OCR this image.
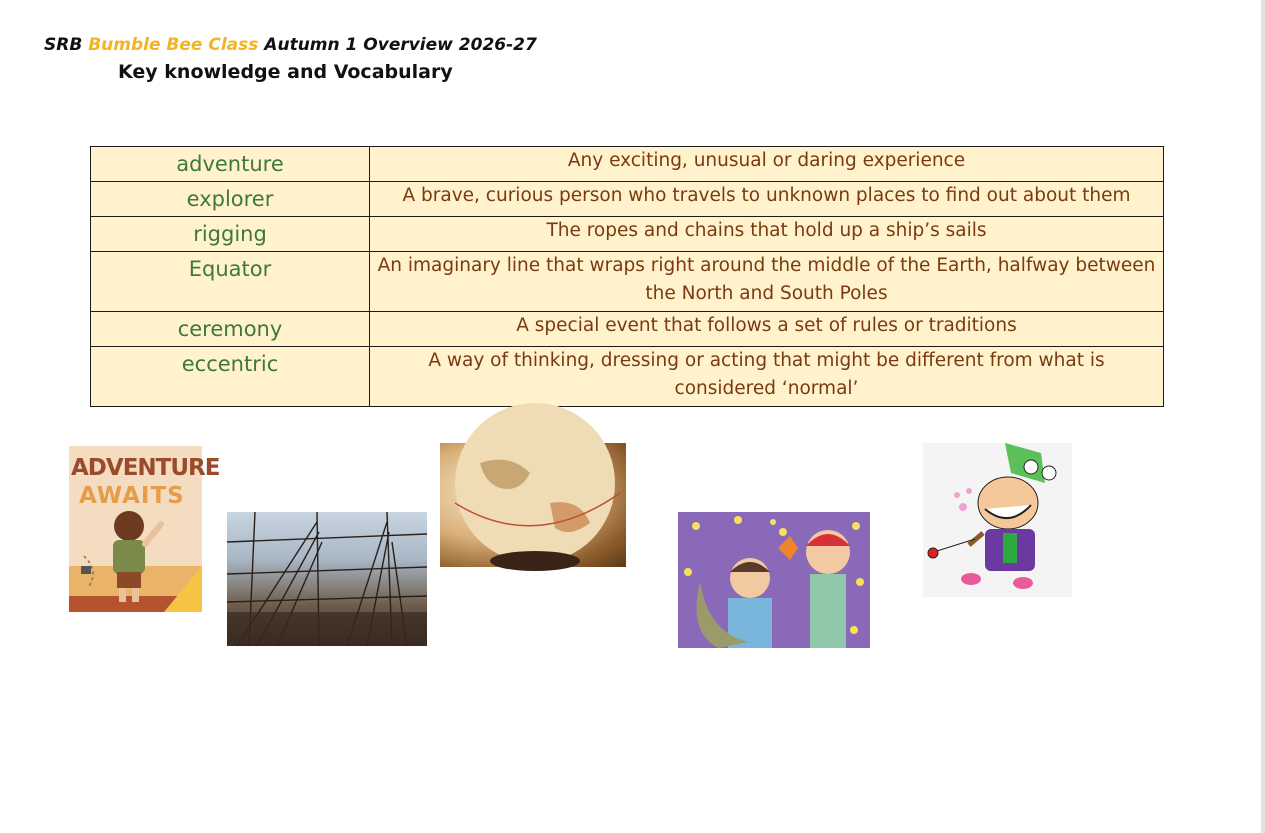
SRB Bumble Bee Class Autumn 1 Overview 2026-27
Key knowledge and Vocabulary
adventure	Any exciting, unusual or daring experience
explorer	A brave, curious person who travels to unknown places to find out about them
rigging	The ropes and chains that hold up a ship’s sails
Equator	An imaginary line that wraps right around the middle of the Earth, halfway between the North and South Poles
ceremony	A special event that follows a set of rules or traditions
eccentric	A way of thinking, dressing or acting that might be different from what is considered ‘normal’
ADVENTURE
AWAITS
